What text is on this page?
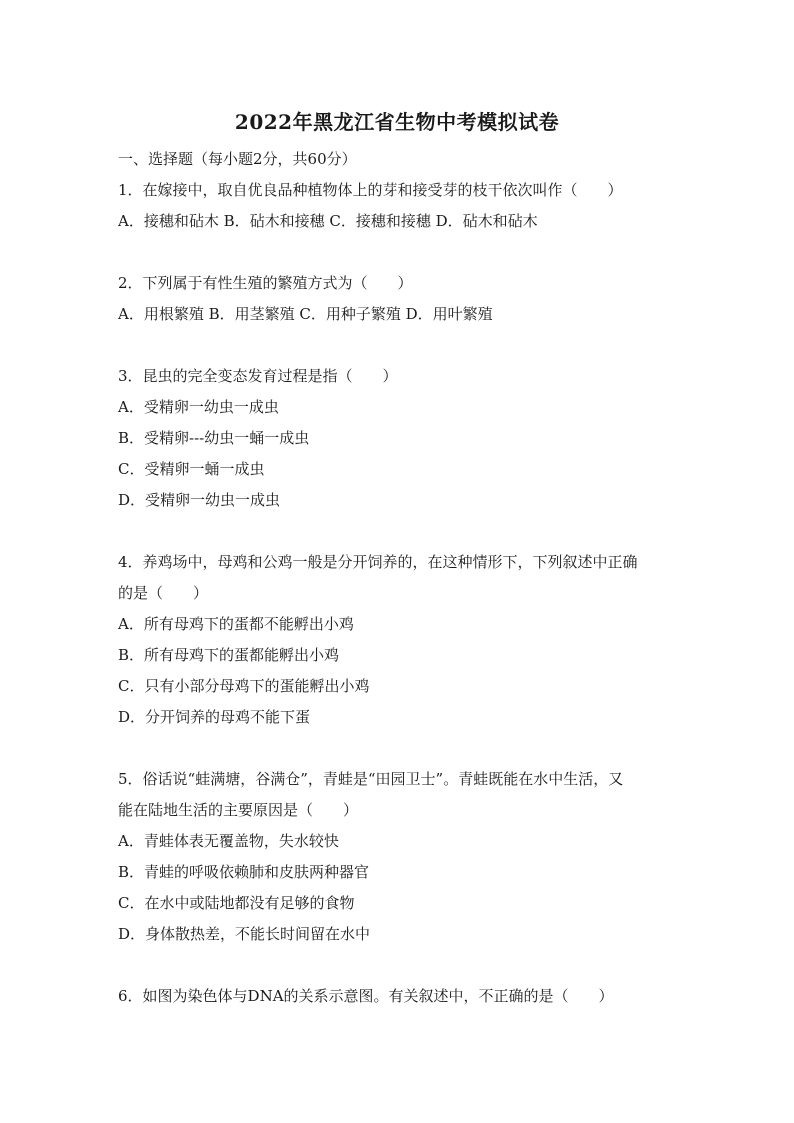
2022年黑龙江省生物中考模拟试卷
一、选择题（每小题2分，共60分）
1．在嫁接中，取自优良品种植物体上的芽和接受芽的枝干依次叫作（　　）
A．接穗和砧木 B．砧木和接穗 C．接穗和接穗 D．砧木和砧木
2．下列属于有性生殖的繁殖方式为（　　）
A．用根繁殖 B．用茎繁殖 C．用种子繁殖 D．用叶繁殖
3．昆虫的完全变态发育过程是指（　　）
A．受精卵一幼虫一成虫
B．受精卵---幼虫一蛹一成虫
C．受精卵一蛹一成虫
D．受精卵一幼虫一成虫
4．养鸡场中，母鸡和公鸡一般是分开饲养的，在这种情形下，下列叙述中正确
的是（　　）
A．所有母鸡下的蛋都不能孵出小鸡
B．所有母鸡下的蛋都能孵出小鸡
C．只有小部分母鸡下的蛋能孵出小鸡
D．分开饲养的母鸡不能下蛋
5．俗话说“蛙满塘，谷满仓”，青蛙是“田园卫士”。青蛙既能在水中生活，又
能在陆地生活的主要原因是（　　）
A．青蛙体表无覆盖物，失水较快
B．青蛙的呼吸依赖肺和皮肤两种器官
C．在水中或陆地都没有足够的食物
D．身体散热差，不能长时间留在水中
6．如图为染色体与DNA的关系示意图。有关叙述中，不正确的是（　　）
